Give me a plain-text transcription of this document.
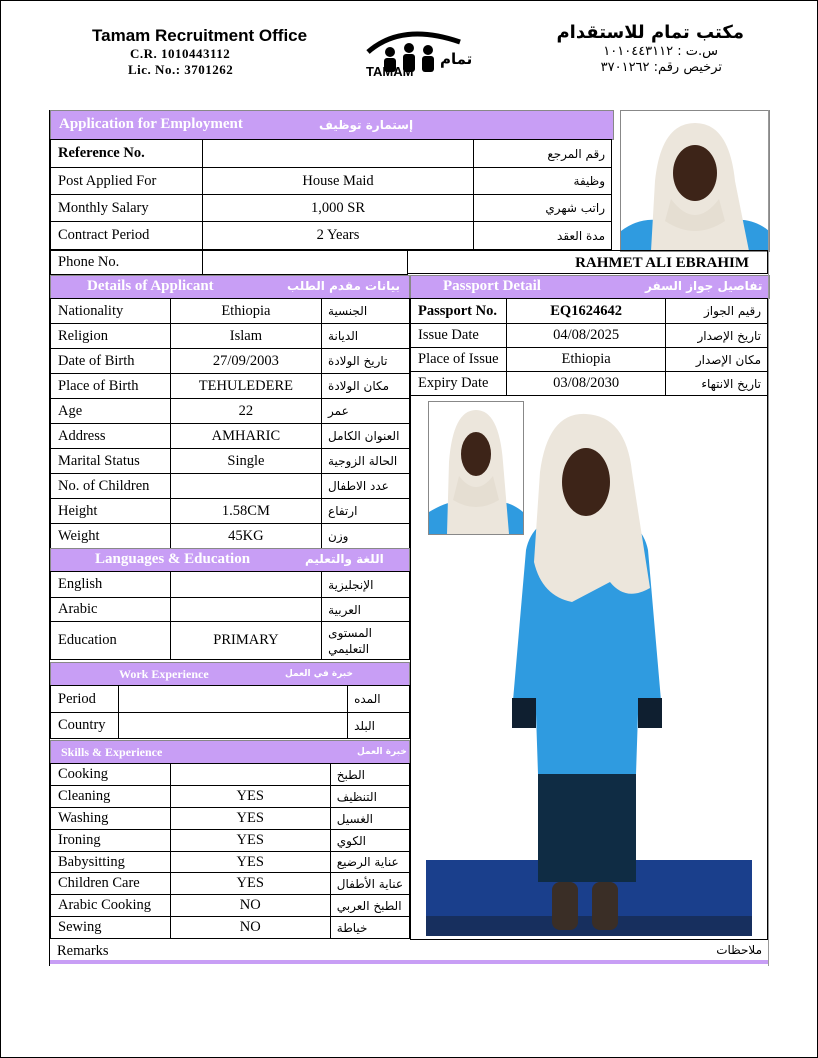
Tamam Recruitment Office
C.R. 1010443112
Lic. No.: 3701262	TAMAM
تمام
مكتب تمام للاستقدام
س.ت : ١٠١٠٤٤٣١١٢
ترخيص رقم: ٣٧٠١٢٦٢
Application for Employment	إستمارة توظيف
Reference No.		رقم المرجع
Post Applied For	House Maid	وظيفة
Monthly Salary	1,000 SR	راتب شهري
Contract Period	2 Years	مدة العقد
Phone No.		RAHMET ALI EBRAHIM
Details of Applicant	بيانات مقدم الطلب
Nationality	Ethiopia	الجنسية
Religion	Islam	الديانة
Date of Birth	27/09/2003	تاريخ الولادة
Place of Birth	TEHULEDERE	مكان الولادة
Age	22	عمر
Address	AMHARIC	العنوان الكامل
Marital Status	Single	الحالة الزوجية
No. of Children		عدد الاطفال
Height	1.58CM	ارتفاع
Weight	45KG	وزن
Passport Detail	تفاصيل جواز السفر
Passport No.	EQ1624642	رقيم الجواز
Issue Date	04/08/2025	تاريخ الإصدار
Place of Issue	Ethiopia	مكان الإصدار
Expiry Date	03/08/2030	تاريخ الانتهاء
Languages & Education	اللغة والتعليم
English		الإنجليزية
Arabic		العربية
Education	PRIMARY	المستوى التعليمي
Work Experience	خبرة في العمل
Period		المده
Country		البلد
Skills & Experience	خبرة العمل
Cooking		الطبخ
Cleaning	YES	التنظيف
Washing	YES	الغسيل
Ironing	YES	الكوي
Babysitting	YES	عناية الرضيع
Children Care	YES	عناية الأطفال
Arabic Cooking	NO	الطبخ العربي
Sewing	NO	خياطة
Remarks	ملاحظات
